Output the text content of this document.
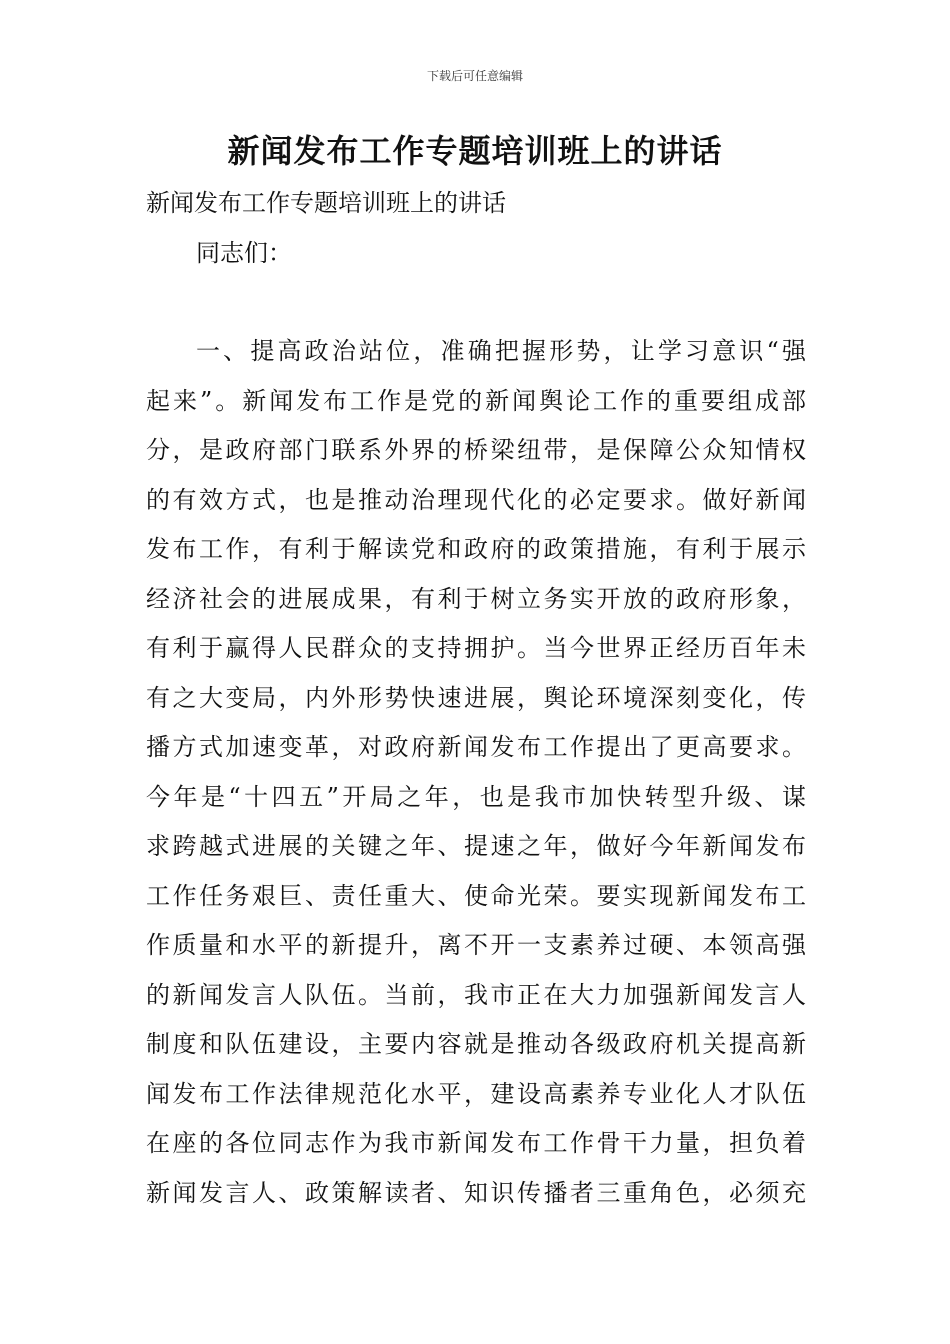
下载后可任意编辑
新闻发布工作专题培训班上的讲话
新闻发布工作专题培训班上的讲话
同志们：
一、提高政治站位，准确把握形势，让学习意识“强
起来”。新闻发布工作是党的新闻舆论工作的重要组成部
分，是政府部门联系外界的桥梁纽带，是保障公众知情权
的有效方式，也是推动治理现代化的必定要求。做好新闻
发布工作，有利于解读党和政府的政策措施，有利于展示
经济社会的进展成果，有利于树立务实开放的政府形象，
有利于赢得人民群众的支持拥护。当今世界正经历百年未
有之大变局，内外形势快速进展，舆论环境深刻变化，传
播方式加速变革，对政府新闻发布工作提出了更高要求。
今年是“十四五”开局之年，也是我市加快转型升级、谋
求跨越式进展的关键之年、提速之年，做好今年新闻发布
工作任务艰巨、责任重大、使命光荣。要实现新闻发布工
作质量和水平的新提升，离不开一支素养过硬、本领高强
的新闻发言人队伍。当前，我市正在大力加强新闻发言人
制度和队伍建设，主要内容就是推动各级政府机关提高新
闻发布工作法律规范化水平，建设高素养专业化人才队伍
在座的各位同志作为我市新闻发布工作骨干力量，担负着
新闻发言人、政策解读者、知识传播者三重角色，必须充
